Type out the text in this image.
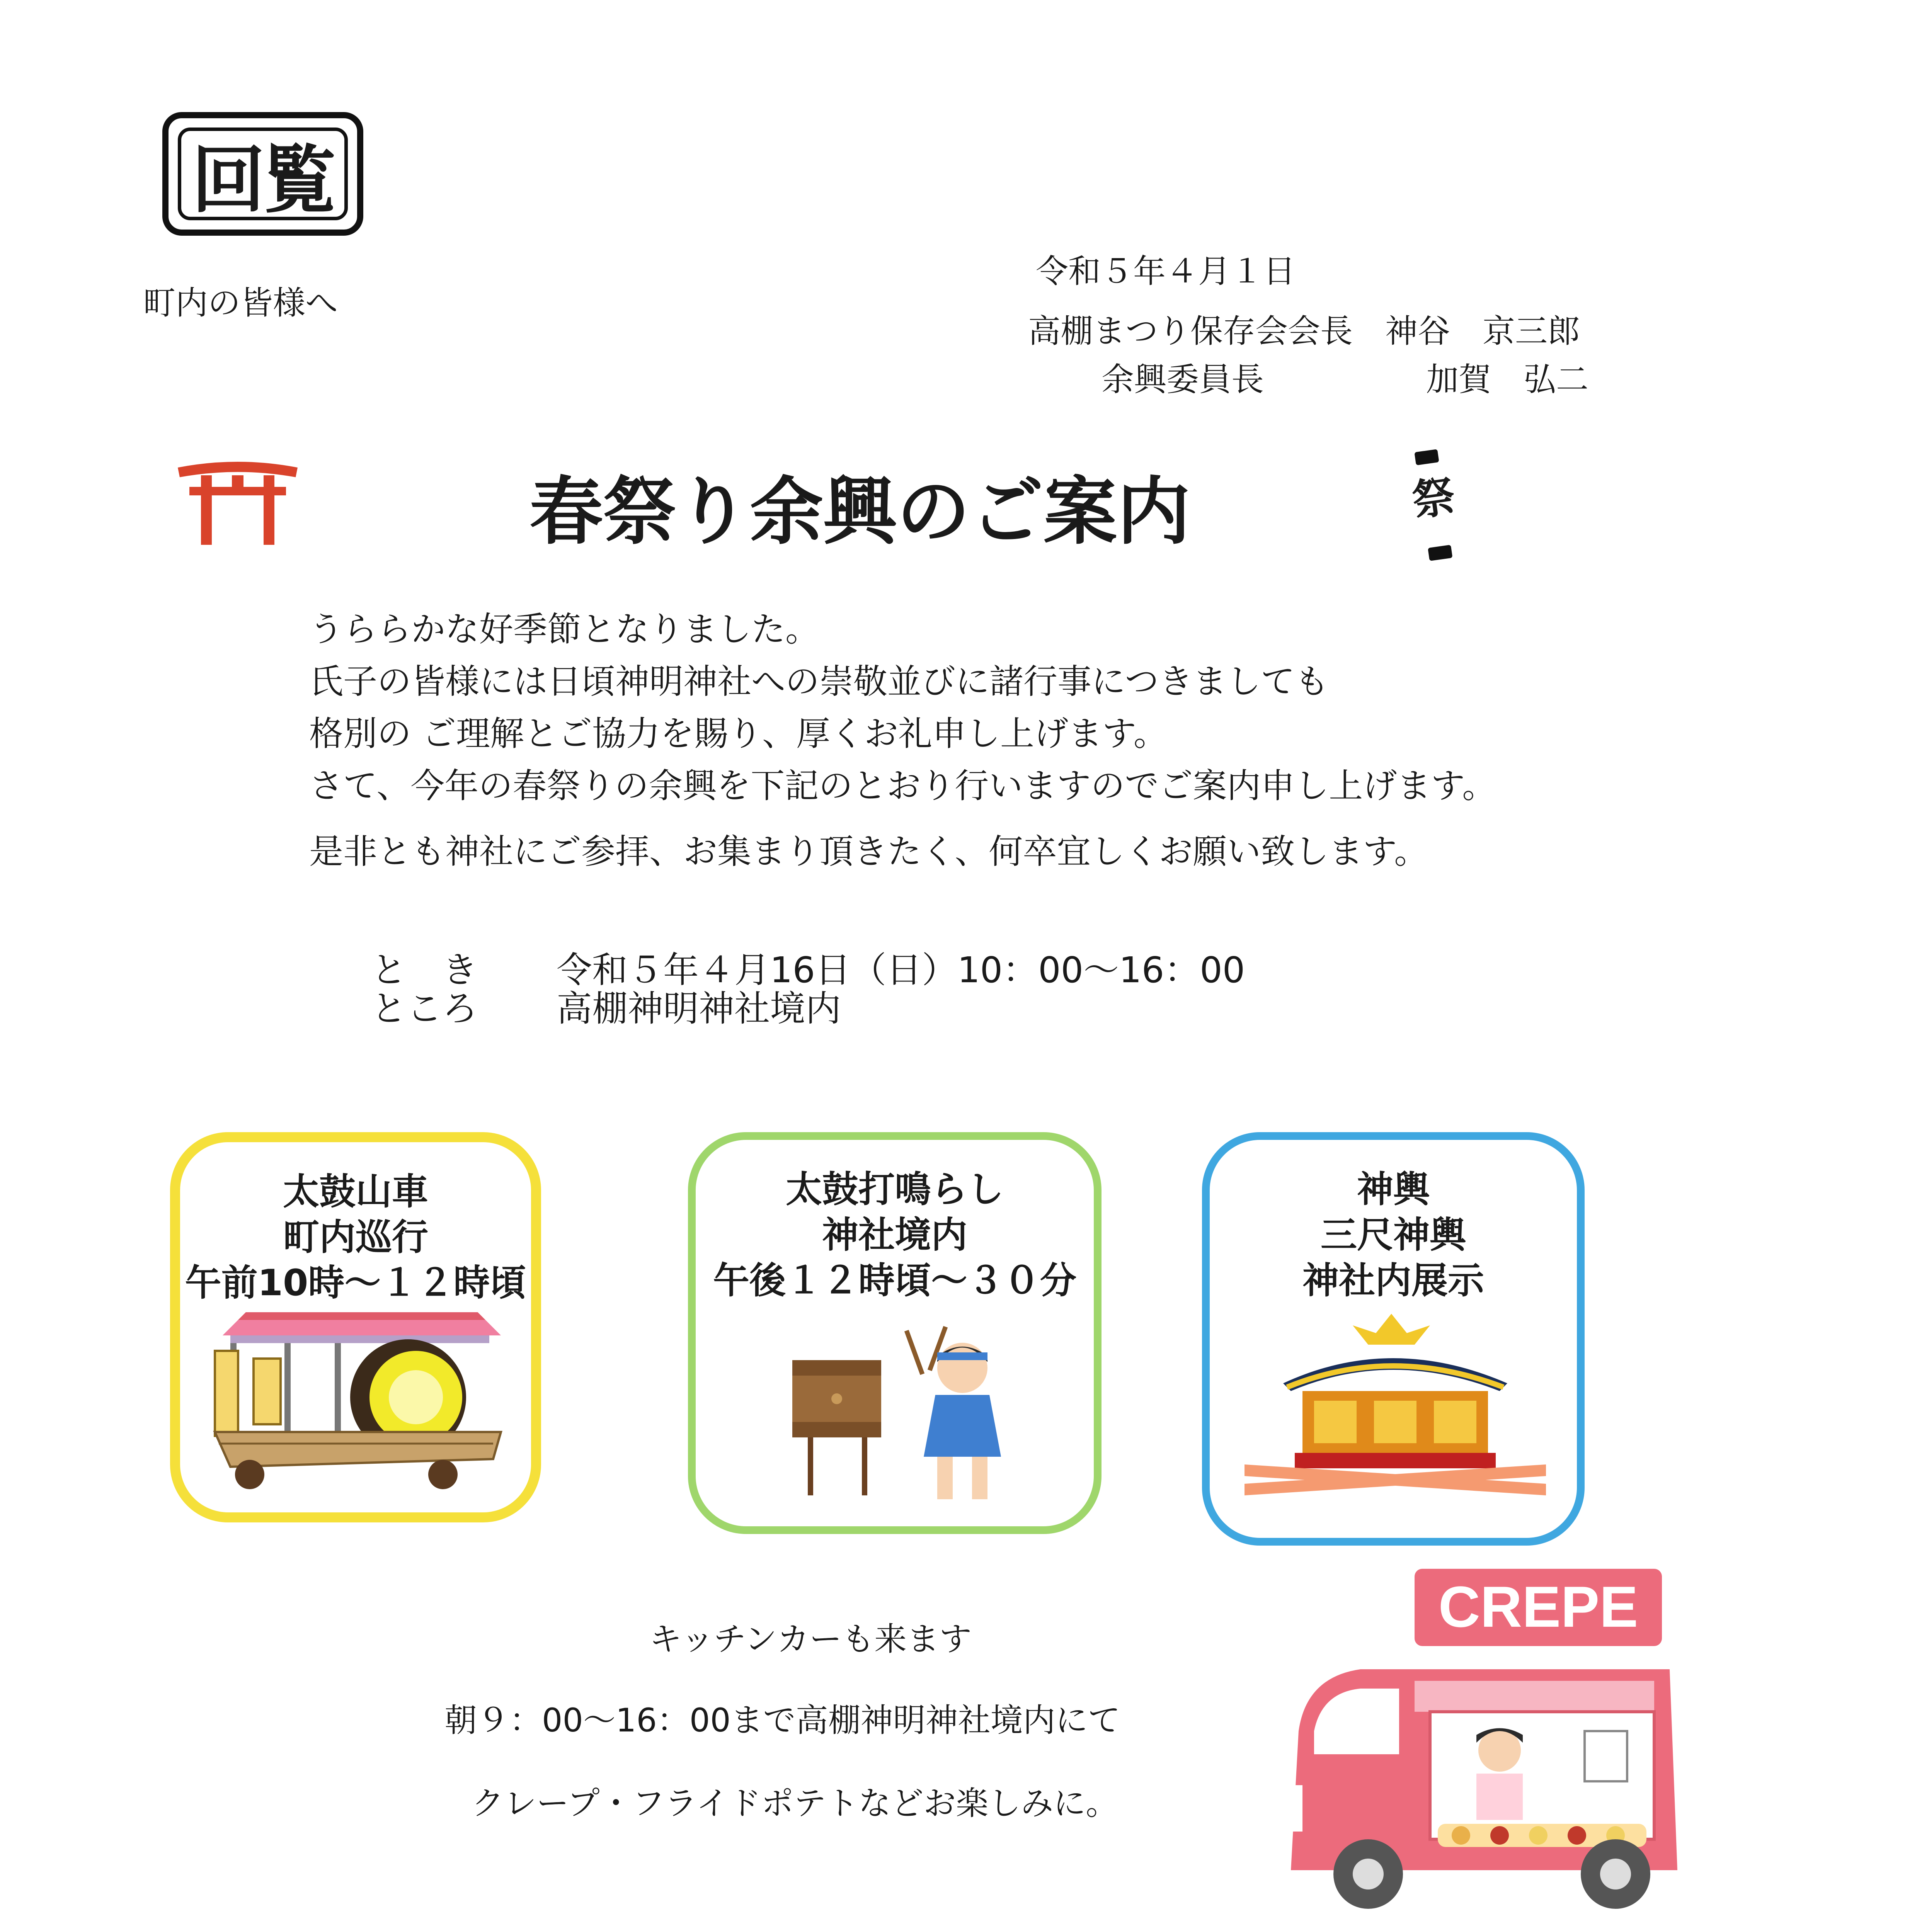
回覧
町内の皆様へ
令和５年４月１日
高棚まつり保存会会長　神谷　京三郎
余興委員長	加賀　弘二
春祭り余興のご案内	祭
うららかな好季節となりました。
氏子の皆様には日頃神明神社への崇敬並びに諸行事につきましても
格別の ご理解とご協力を賜り、厚くお礼申し上げます。
さて、今年の春祭りの余興を下記のとおり行いますのでご案内申し上げます。
是非とも神社にご参拝、お集まり頂きたく、何卒宜しくお願い致します。
と　き 令和５年４月16日（日）10：00～16：00
ところ 高棚神明神社境内
太鼓山車
町内巡行
午前10時～１２時頃
太鼓打鳴らし
神社境内
午後１２時頃～３０分
神輿
三尺神輿
神社内展示
キッチンカーも来ます
朝９：00～16：00まで高棚神明神社境内にて
クレープ・フライドポテトなどお楽しみに。
CREPE
